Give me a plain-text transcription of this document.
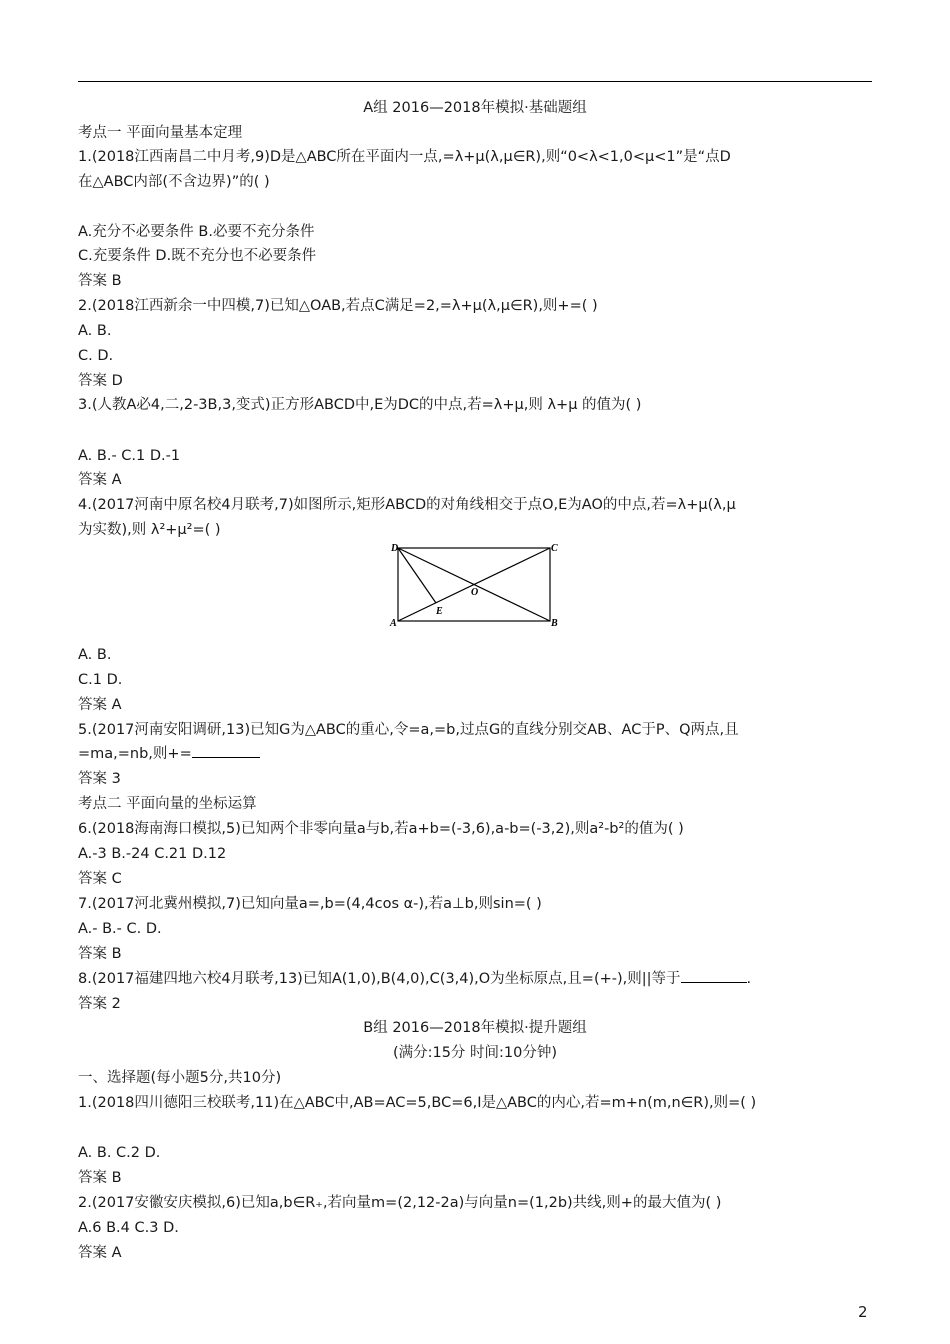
A组 2016—2018年模拟·基础题组
考点一 平面向量基本定理
1.(2018江西南昌二中月考,9)D是△ABC所在平面内一点,=λ+μ(λ,μ∈R),则“0<λ<1,0<μ<1”是“点D
在△ABC内部(不含边界)”的( )
A.充分不必要条件 B.必要不充分条件
C.充要条件 D.既不充分也不必要条件
答案 B
2.(2018江西新余一中四模,7)已知△OAB,若点C满足=2,=λ+μ(λ,μ∈R),则+=( )
A. B.
C. D.
答案 D
3.(人教A必4,二,2-3B,3,变式)正方形ABCD中,E为DC的中点,若=λ+μ,则 λ+μ 的值为( )
A. B.- C.1 D.-1
答案 A
4.(2017河南中原名校4月联考,7)如图所示,矩形ABCD的对角线相交于点O,E为AO的中点,若=λ+μ(λ,μ
为实数),则 λ²+μ²=( )
D	C
A	B
O
E
A. B.
C.1 D.
答案 A
5.(2017河南安阳调研,13)已知G为△ABC的重心,令=a,=b,过点G的直线分别交AB、AC于P、Q两点,且
=ma,=nb,则+=
答案 3
考点二 平面向量的坐标运算
6.(2018海南海口模拟,5)已知两个非零向量a与b,若a+b=(-3,6),a-b=(-3,2),则a²-b²的值为( )
A.-3 B.-24 C.21 D.12
答案 C
7.(2017河北冀州模拟,7)已知向量a=,b=(4,4cos α-),若a⊥b,则sin=( )
A.- B.- C. D.
答案 B
8.(2017福建四地六校4月联考,13)已知A(1,0),B(4,0),C(3,4),O为坐标原点,且=(+-),则||等于	.
答案 2
B组 2016—2018年模拟·提升题组
(满分:15分 时间:10分钟)
一、选择题(每小题5分,共10分)
1.(2018四川德阳三校联考,11)在△ABC中,AB=AC=5,BC=6,I是△ABC的内心,若=m+n(m,n∈R),则=( )
A. B. C.2 D.
答案 B
2.(2017安徽安庆模拟,6)已知a,b∈R₊,若向量m=(2,12-2a)与向量n=(1,2b)共线,则+的最大值为( )
A.6 B.4 C.3 D.
答案 A
2
